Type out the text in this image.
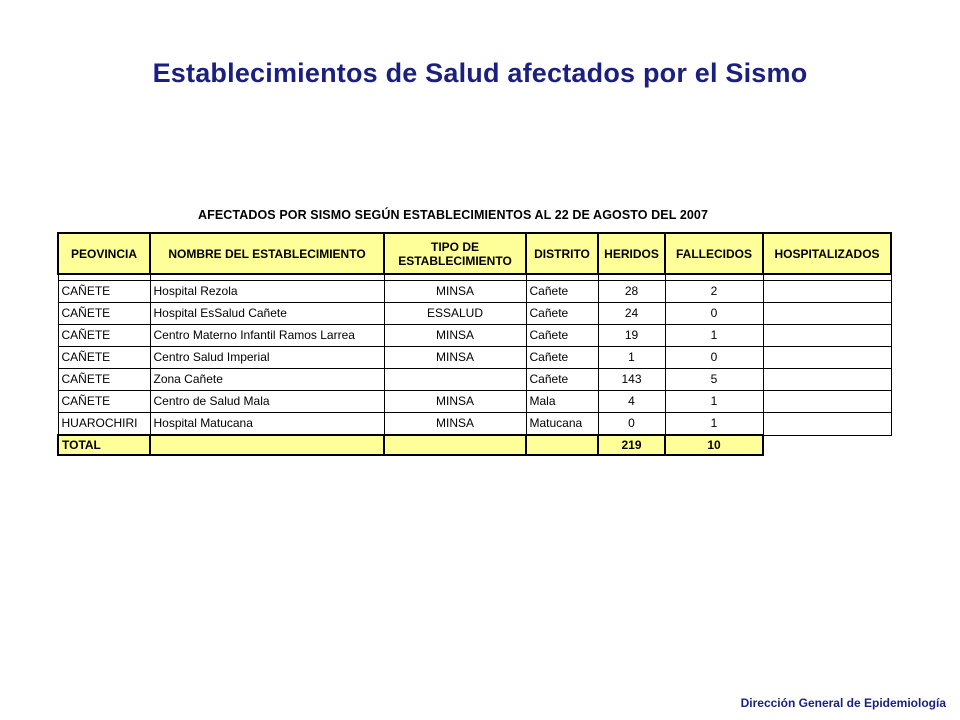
Establecimientos de Salud afectados por el Sismo
AFECTADOS POR SISMO SEGÚN ESTABLECIMIENTOS AL 22 DE AGOSTO DEL 2007
PEOVINCIA	NOMBRE DEL ESTABLECIMIENTO	TIPO DE ESTABLECIMIENTO	DISTRITO	HERIDOS	FALLECIDOS	HOSPITALIZADOS

CAÑETE	Hospital Rezola	MINSA	Cañete	28	2	
CAÑETE	Hospital EsSalud Cañete	ESSALUD	Cañete	24	0	
CAÑETE	Centro Materno Infantil Ramos Larrea	MINSA	Cañete	19	1	
CAÑETE	Centro Salud Imperial	MINSA	Cañete	1	0	
CAÑETE	Zona Cañete		Cañete	143	5	
CAÑETE	Centro de Salud Mala	MINSA	Mala	4	1	
HUAROCHIRI	Hospital Matucana	MINSA	Matucana	0	1	
TOTAL				219	10	
Dirección General de Epidemiología
